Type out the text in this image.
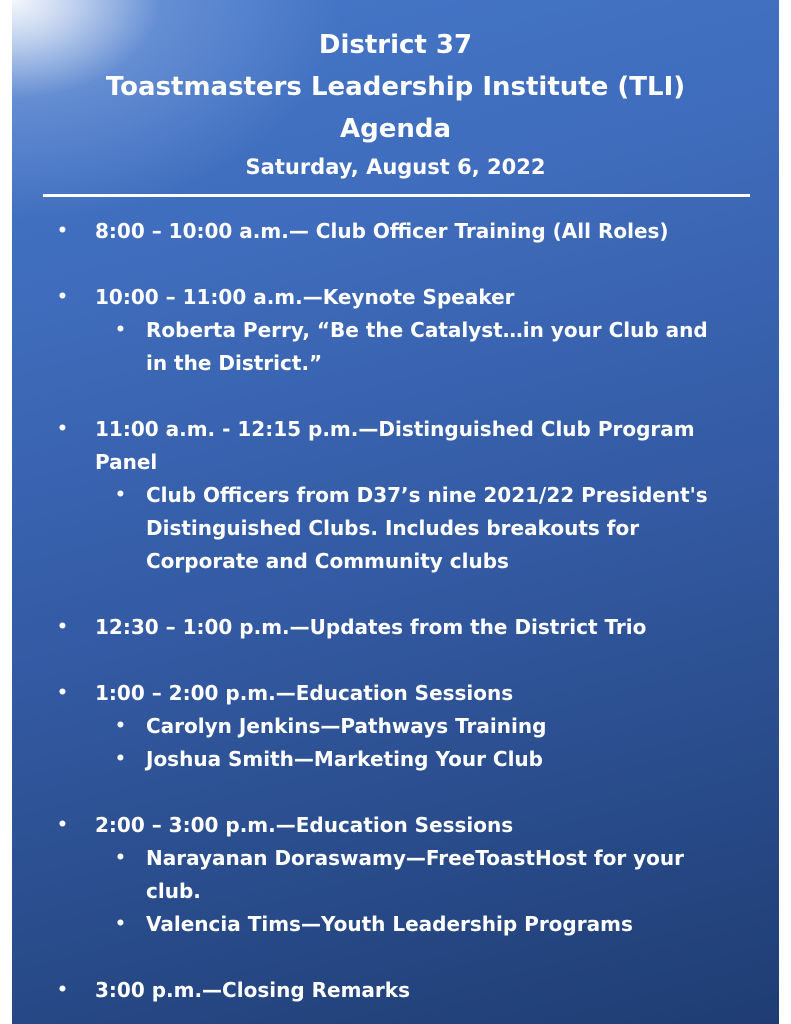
District 37
Toastmasters Leadership Institute (TLI)
Agenda
Saturday, August 6, 2022
• 8:00 – 10:00 a.m.— Club Officer Training (All Roles)
• 10:00 – 11:00 a.m.—Keynote Speaker
• Roberta Perry, “Be the Catalyst…in your Club and in the District.”
• 11:00 a.m. - 12:15 p.m.—Distinguished Club Program Panel
• Club Officers from D37’s nine 2021/22 President's Distinguished Clubs. Includes breakouts for Corporate and Community clubs
• 12:30 – 1:00 p.m.—Updates from the District Trio
• 1:00 – 2:00 p.m.—Education Sessions
• Carolyn Jenkins—Pathways Training
• Joshua Smith—Marketing Your Club
• 2:00 – 3:00 p.m.—Education Sessions
• Narayanan Doraswamy—FreeToastHost for your club.
• Valencia Tims—Youth Leadership Programs
• 3:00 p.m.—Closing Remarks
